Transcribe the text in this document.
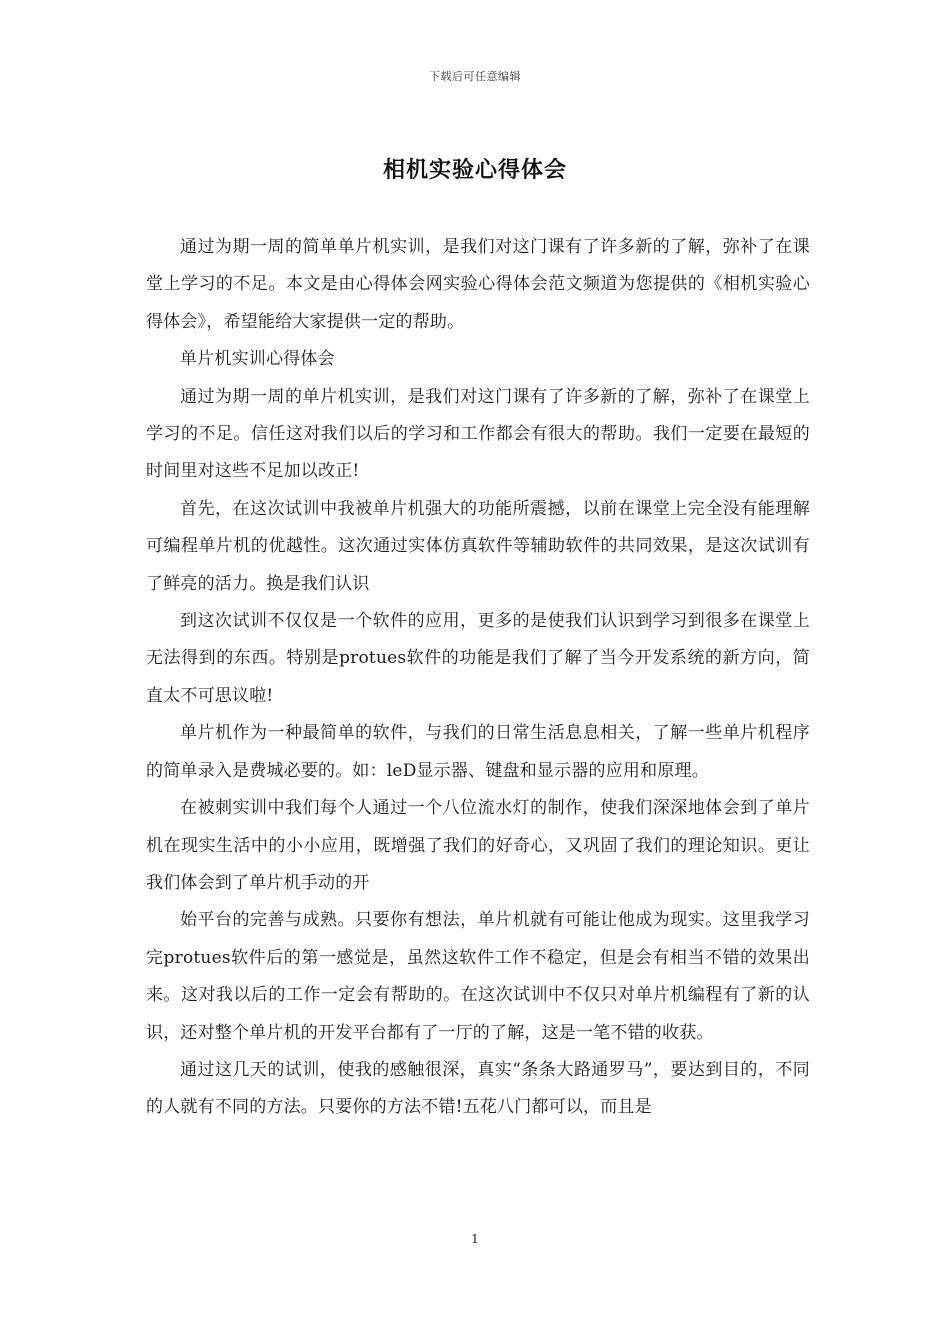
下载后可任意编辑
相机实验心得体会

通过为期一周的简单单片机实训，是我们对这门课有了许多新的了解，弥补了在课堂上学习的不足。本文是由心得体会网实验心得体会范文频道为您提供的《相机实验心得体会》，希望能给大家提供一定的帮助。

单片机实训心得体会

通过为期一周的单片机实训，是我们对这门课有了许多新的了解，弥补了在课堂上学习的不足。信任这对我们以后的学习和工作都会有很大的帮助。我们一定要在最短的时间里对这些不足加以改正!

首先，在这次试训中我被单片机强大的功能所震撼，以前在课堂上完全没有能理解可编程单片机的优越性。这次通过实体仿真软件等辅助软件的共同效果，是这次试训有了鲜亮的活力。换是我们认识

到这次试训不仅仅是一个软件的应用，更多的是使我们认识到学习到很多在课堂上无法得到的东西。特别是protues软件的功能是我们了解了当今开发系统的新方向，简直太不可思议啦!

单片机作为一种最简单的软件，与我们的日常生活息息相关，了解一些单片机程序的简单录入是费城必要的。如：leD显示器、键盘和显示器的应用和原理。

在被刺实训中我们每个人通过一个八位流水灯的制作，使我们深深地体会到了单片机在现实生活中的小小应用，既增强了我们的好奇心，又巩固了我们的理论知识。更让我们体会到了单片机手动的开

始平台的完善与成熟。只要你有想法，单片机就有可能让他成为现实。这里我学习完protues软件后的第一感觉是，虽然这软件工作不稳定，但是会有相当不错的效果出来。这对我以后的工作一定会有帮助的。在这次试训中不仅只对单片机编程有了新的认识，还对整个单片机的开发平台都有了一厅的了解，这是一笔不错的收获。

通过这几天的试训，使我的感触很深，真实“条条大路通罗马”，要达到目的，不同的人就有不同的方法。只要你的方法不错!五花八门都可以，而且是

1
